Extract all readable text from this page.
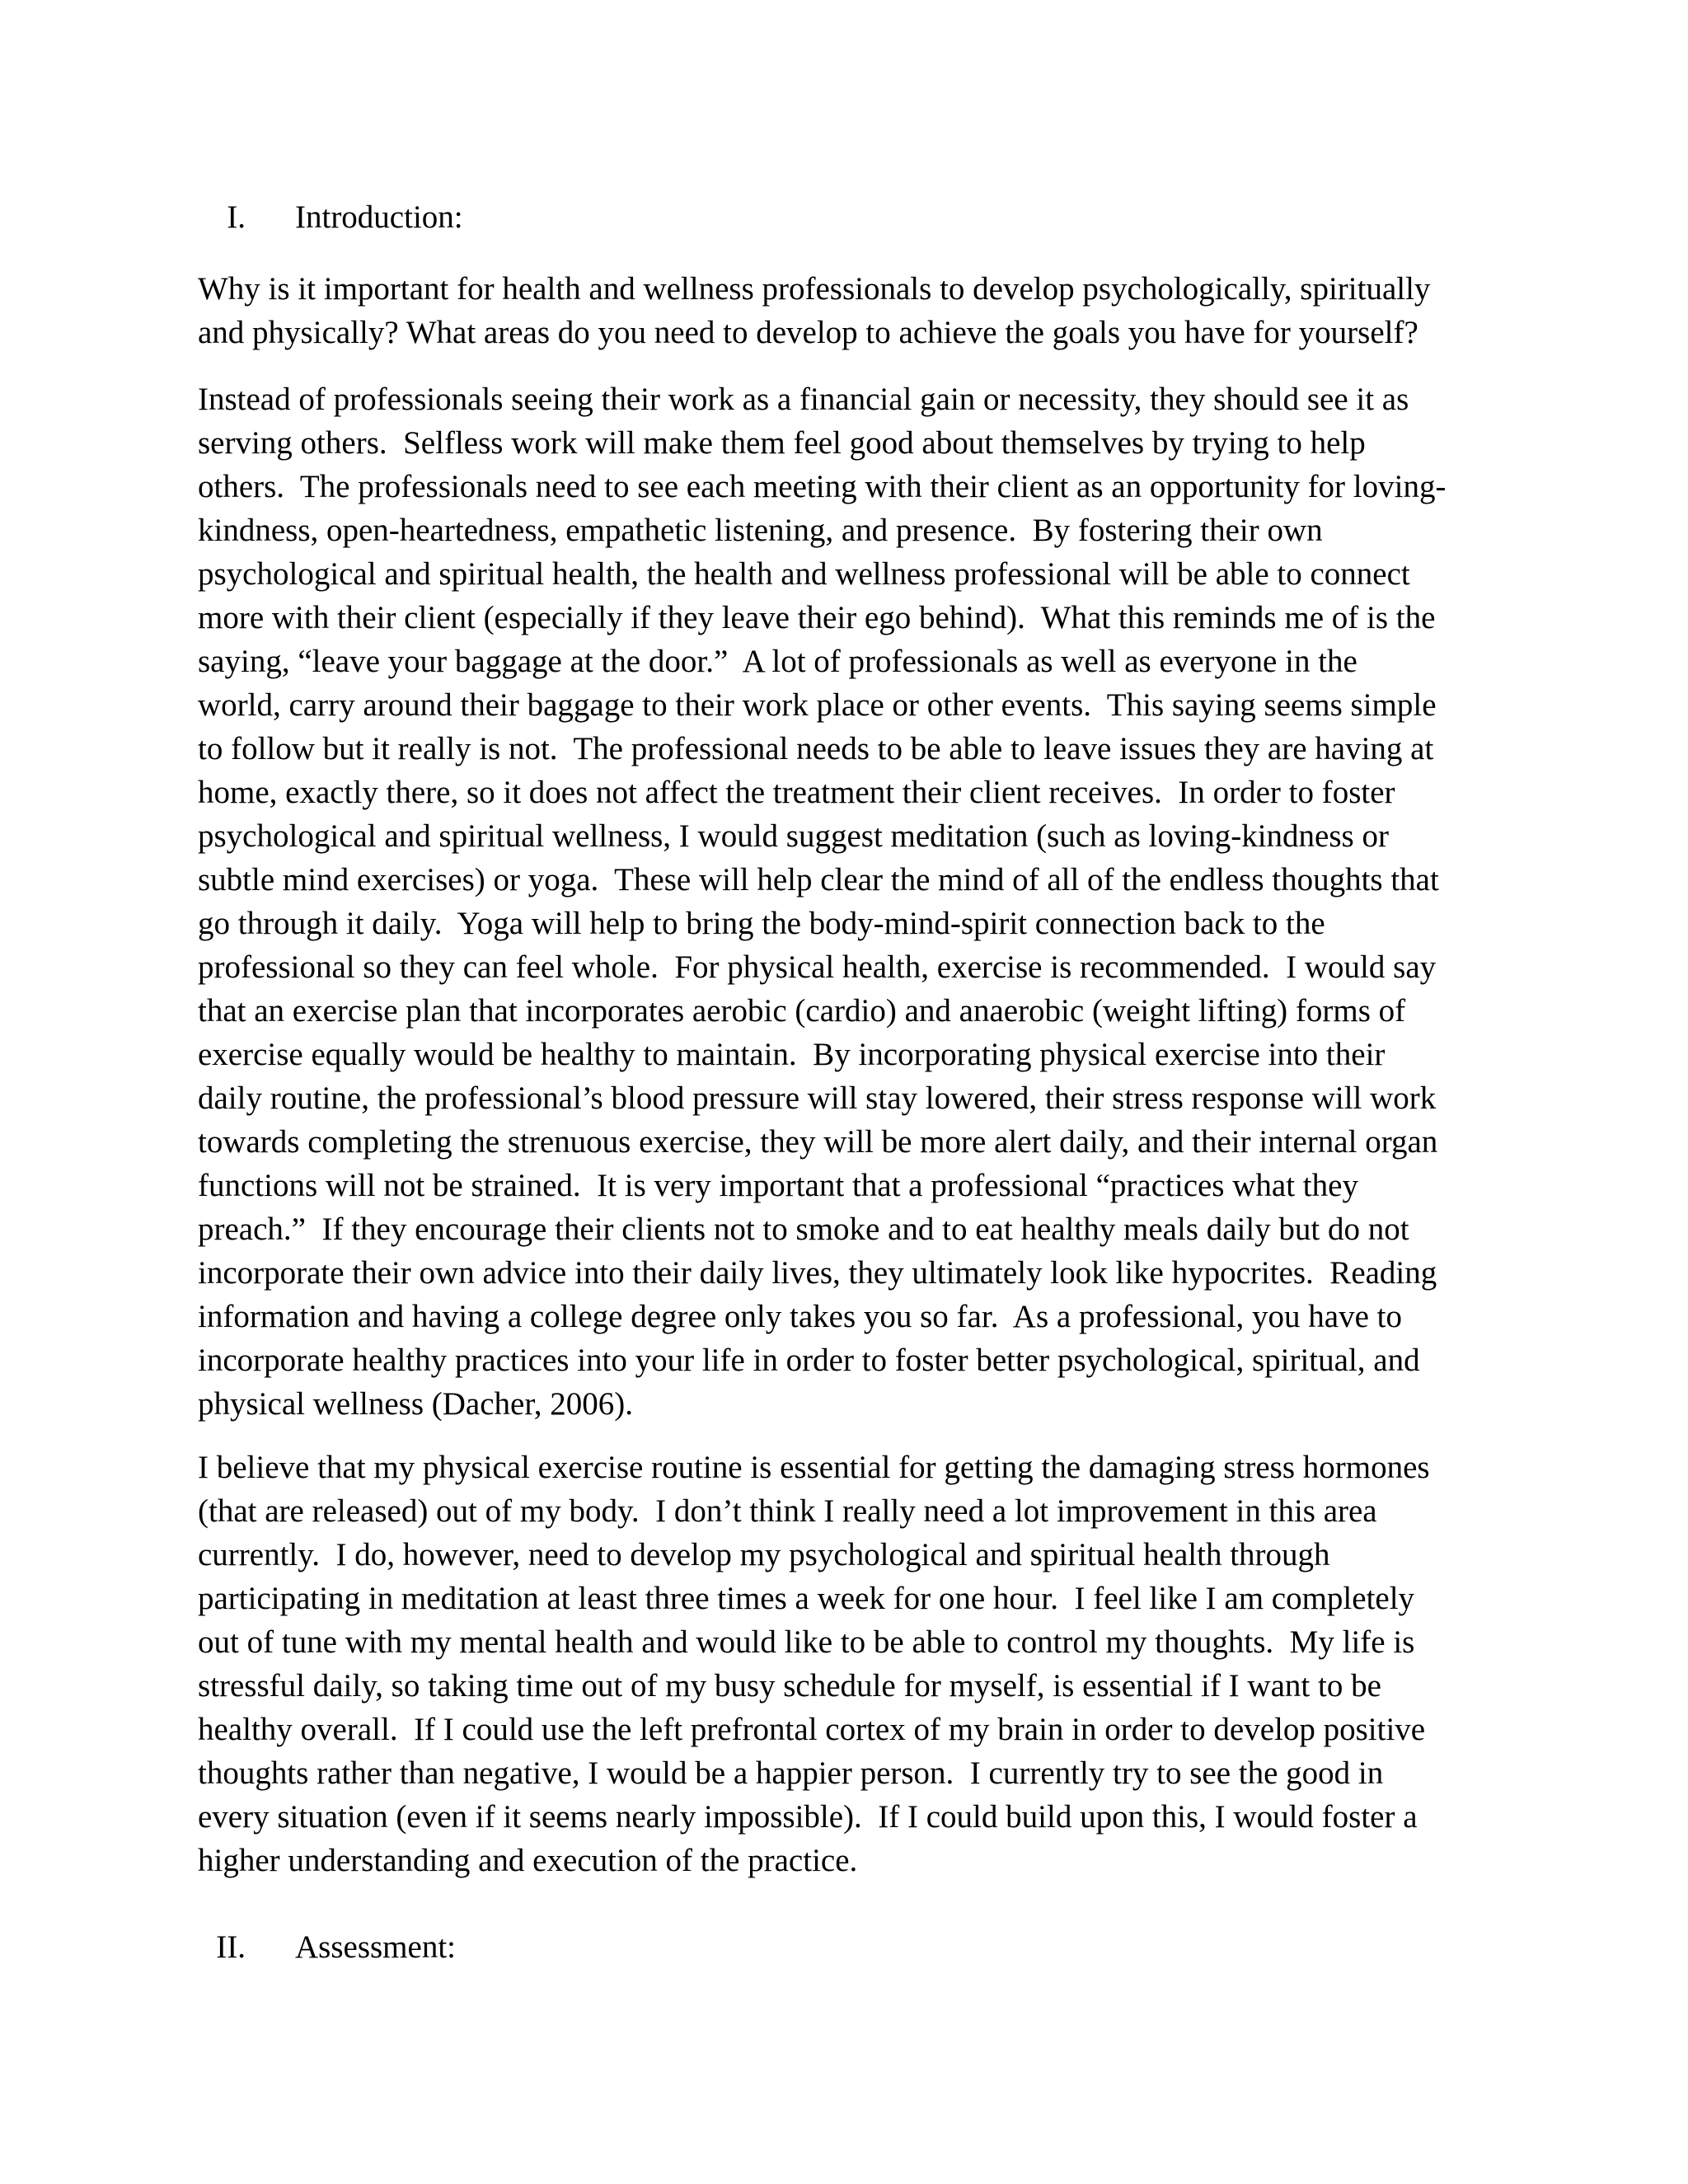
I. Introduction:
Why is it important for health and wellness professionals to develop psychologically, spiritually
and physically? What areas do you need to develop to achieve the goals you have for yourself?
Instead of professionals seeing their work as a financial gain or necessity, they should see it as
serving others.  Selfless work will make them feel good about themselves by trying to help
others.  The professionals need to see each meeting with their client as an opportunity for loving-
kindness, open-heartedness, empathetic listening, and presence.  By fostering their own
psychological and spiritual health, the health and wellness professional will be able to connect
more with their client (especially if they leave their ego behind).  What this reminds me of is the
saying, “leave your baggage at the door.”  A lot of professionals as well as everyone in the
world, carry around their baggage to their work place or other events.  This saying seems simple
to follow but it really is not.  The professional needs to be able to leave issues they are having at
home, exactly there, so it does not affect the treatment their client receives.  In order to foster
psychological and spiritual wellness, I would suggest meditation (such as loving-kindness or
subtle mind exercises) or yoga.  These will help clear the mind of all of the endless thoughts that
go through it daily.  Yoga will help to bring the body-mind-spirit connection back to the
professional so they can feel whole.  For physical health, exercise is recommended.  I would say
that an exercise plan that incorporates aerobic (cardio) and anaerobic (weight lifting) forms of
exercise equally would be healthy to maintain.  By incorporating physical exercise into their
daily routine, the professional’s blood pressure will stay lowered, their stress response will work
towards completing the strenuous exercise, they will be more alert daily, and their internal organ
functions will not be strained.  It is very important that a professional “practices what they
preach.”  If they encourage their clients not to smoke and to eat healthy meals daily but do not
incorporate their own advice into their daily lives, they ultimately look like hypocrites.  Reading
information and having a college degree only takes you so far.  As a professional, you have to
incorporate healthy practices into your life in order to foster better psychological, spiritual, and
physical wellness (Dacher, 2006).
I believe that my physical exercise routine is essential for getting the damaging stress hormones
(that are released) out of my body.  I don’t think I really need a lot improvement in this area
currently.  I do, however, need to develop my psychological and spiritual health through
participating in meditation at least three times a week for one hour.  I feel like I am completely
out of tune with my mental health and would like to be able to control my thoughts.  My life is
stressful daily, so taking time out of my busy schedule for myself, is essential if I want to be
healthy overall.  If I could use the left prefrontal cortex of my brain in order to develop positive
thoughts rather than negative, I would be a happier person.  I currently try to see the good in
every situation (even if it seems nearly impossible).  If I could build upon this, I would foster a
higher understanding and execution of the practice.
II. Assessment:
